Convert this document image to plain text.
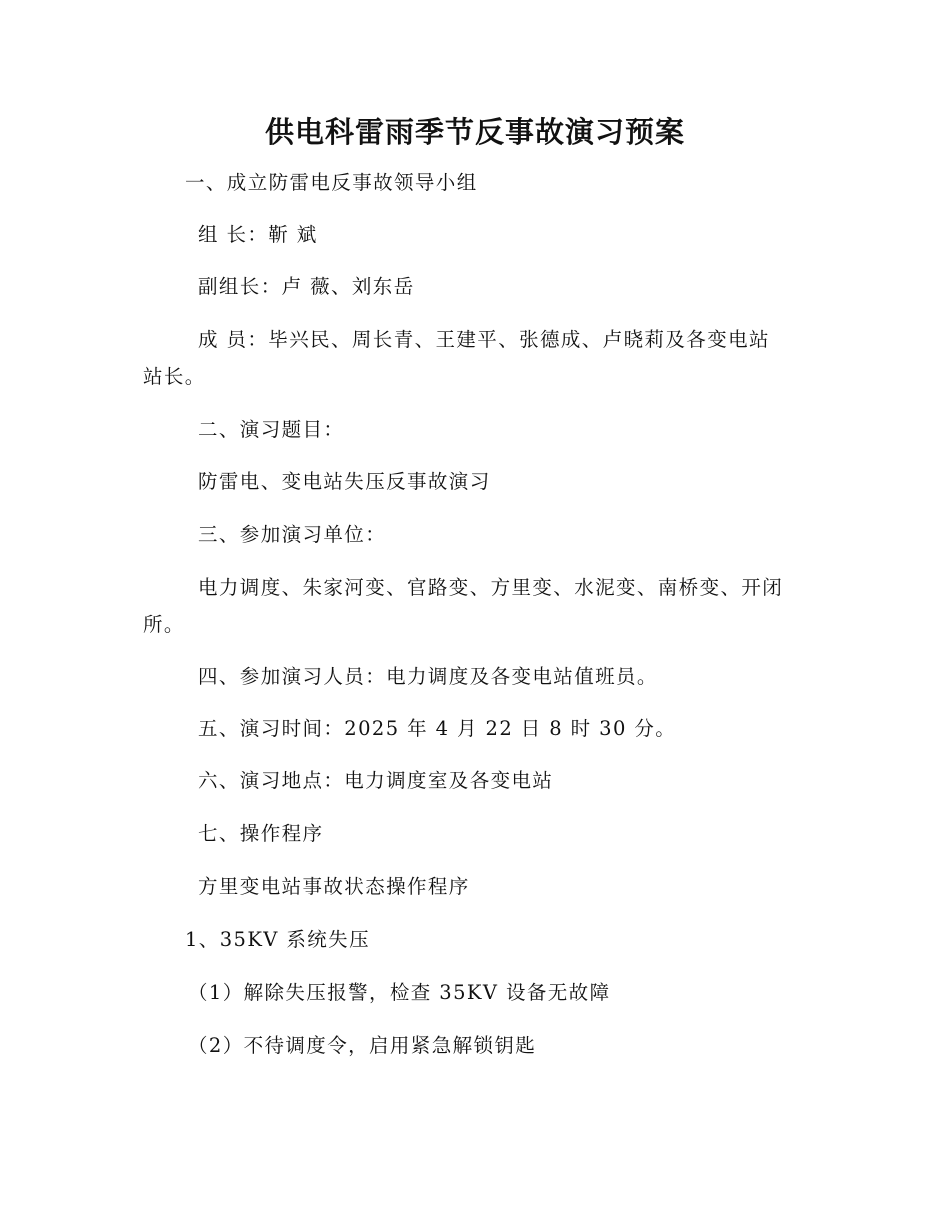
供电科雷雨季节反事故演习预案
一、成立防雷电反事故领导小组
组 长：靳 斌
副组长：卢 薇、刘东岳
成 员：毕兴民、周长青、王建平、张德成、卢晓莉及各变电站
站长。
二、演习题目：
防雷电、变电站失压反事故演习
三、参加演习单位：
电力调度、朱家河变、官路变、方里变、水泥变、南桥变、开闭
所。
四、参加演习人员：电力调度及各变电站值班员。
五、演习时间：2025 年 4 月 22 日 8 时 30 分。
六、演习地点：电力调度室及各变电站
七、操作程序
方里变电站事故状态操作程序
1、35KV 系统失压
（1）解除失压报警，检查 35KV 设备无故障
（2）不待调度令，启用紧急解锁钥匙
